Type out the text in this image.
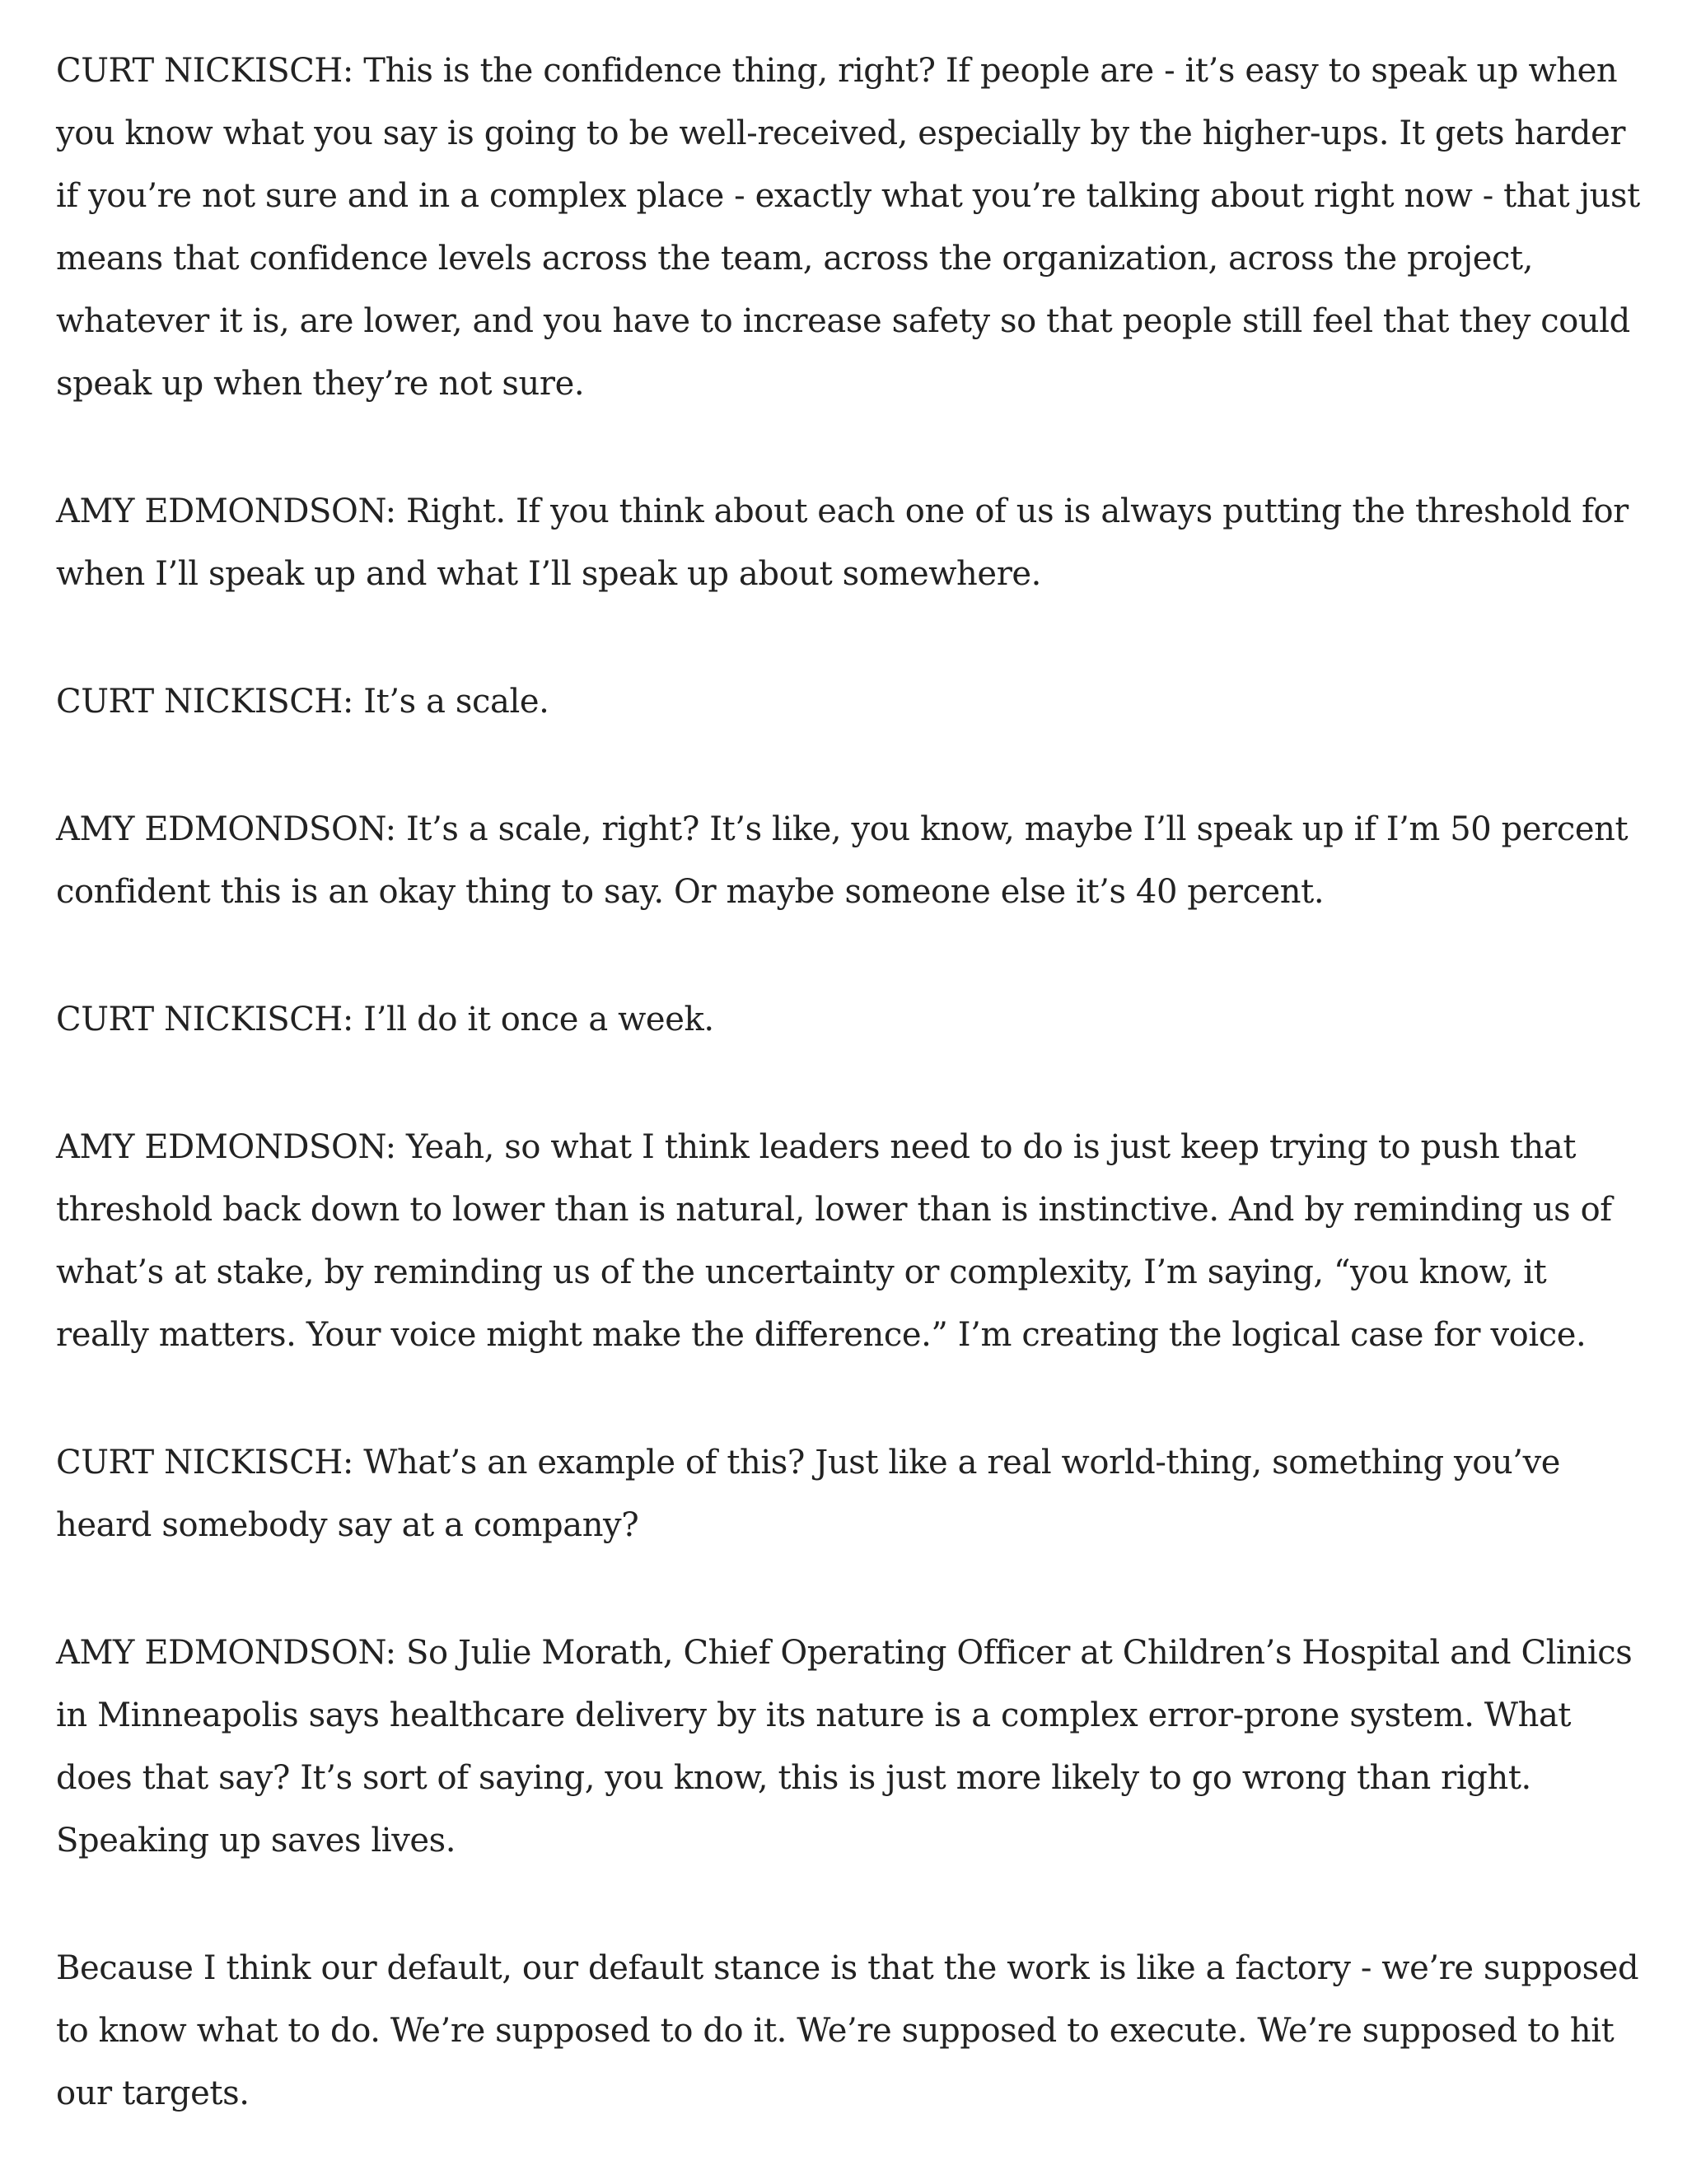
CURT NICKISCH: This is the confidence thing, right? If people are - it’s easy to speak up when you know what you say is going to be well-received, especially by the higher-ups. It gets harder if you’re not sure and in a complex place - exactly what you’re talking about right now - that just means that confidence levels across the team, across the organization, across the project, whatever it is, are lower, and you have to increase safety so that people still feel that they could speak up when they’re not sure.

AMY EDMONDSON: Right. If you think about each one of us is always putting the threshold for when I’ll speak up and what I’ll speak up about somewhere.

CURT NICKISCH: It’s a scale.

AMY EDMONDSON: It’s a scale, right? It’s like, you know, maybe I’ll speak up if I’m 50 percent confident this is an okay thing to say. Or maybe someone else it’s 40 percent.

CURT NICKISCH: I’ll do it once a week.

AMY EDMONDSON: Yeah, so what I think leaders need to do is just keep trying to push that threshold back down to lower than is natural, lower than is instinctive. And by reminding us of what’s at stake, by reminding us of the uncertainty or complexity, I’m saying, “you know, it really matters. Your voice might make the difference.” I’m creating the logical case for voice.

CURT NICKISCH: What’s an example of this? Just like a real world-thing, something you’ve heard somebody say at a company?

AMY EDMONDSON: So Julie Morath, Chief Operating Officer at Children’s Hospital and Clinics in Minneapolis says healthcare delivery by its nature is a complex error-prone system. What does that say? It’s sort of saying, you know, this is just more likely to go wrong than right. Speaking up saves lives.

Because I think our default, our default stance is that the work is like a factory - we’re supposed to know what to do. We’re supposed to do it. We’re supposed to execute. We’re supposed to hit our targets.
